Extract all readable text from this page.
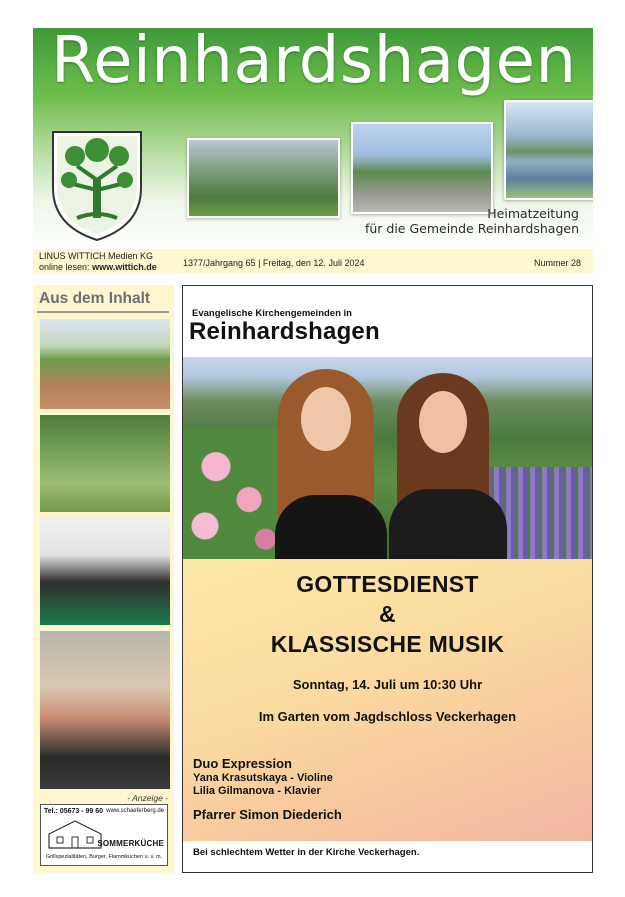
Reinhardshagen
Heimatzeitung
für die Gemeinde Reinhardshagen
LINUS WITTICH Medien KG
online lesen: www.wittich.de	1377/Jahrgang 65 | Freitag, den 12. Juli 2024	Nummer 28
Aus dem Inhalt
- Anzeige -
Tel.: 05673 - 99 60 www.schaeferberg.de
SOMMERKÜCHE
Grillspezialitäten, Burger, Flammkuchen u. v. m.
Evangelische Kirchengemeinden in
Reinhardshagen
GOTTESDIENST
&
KLASSISCHE MUSIK
Sonntag, 14. Juli um 10:30 Uhr
Im Garten vom Jagdschloss Veckerhagen
Duo Expression
Yana Krasutskaya - Violine
Lilia Gilmanova - Klavier
Pfarrer Simon Diederich
Bei schlechtem Wetter in der Kirche Veckerhagen.
